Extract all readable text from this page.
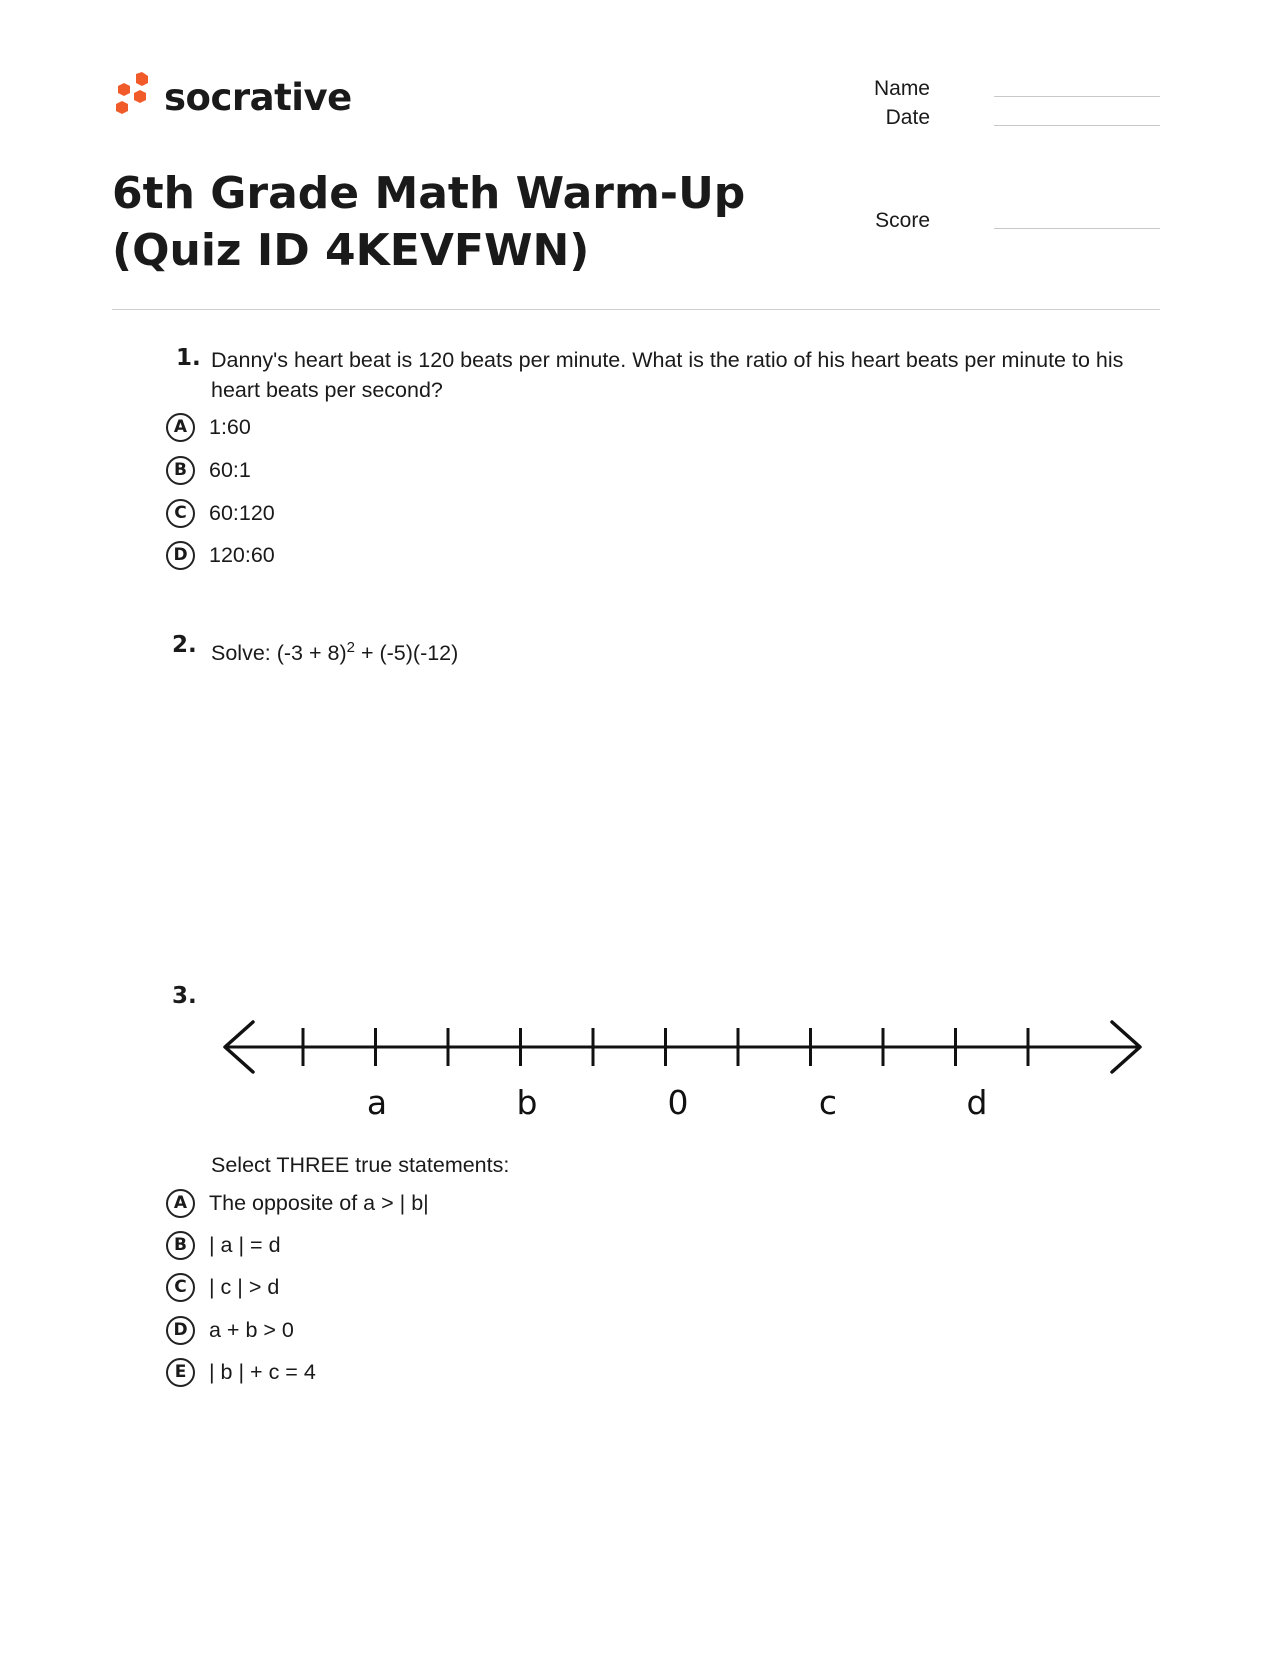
socrative	Name
Date
Score
6th Grade Math Warm-Up (Quiz ID 4KEVFWN)
1. Danny's heart beat is 120 beats per minute. What is the ratio of his heart beats per minute to his heart beats per second?
A	1:60
B	60:1
C	60:120
D 120:60
2. Solve: $(-3 + 8)^2 + (-5)(-12)$
3.
a	b	0	c	d
Select THREE true statements:
A	The opposite of a > | b|
B	| a | = d
C	| c | > d
D a + b > 0
E	| b | + c = 4
